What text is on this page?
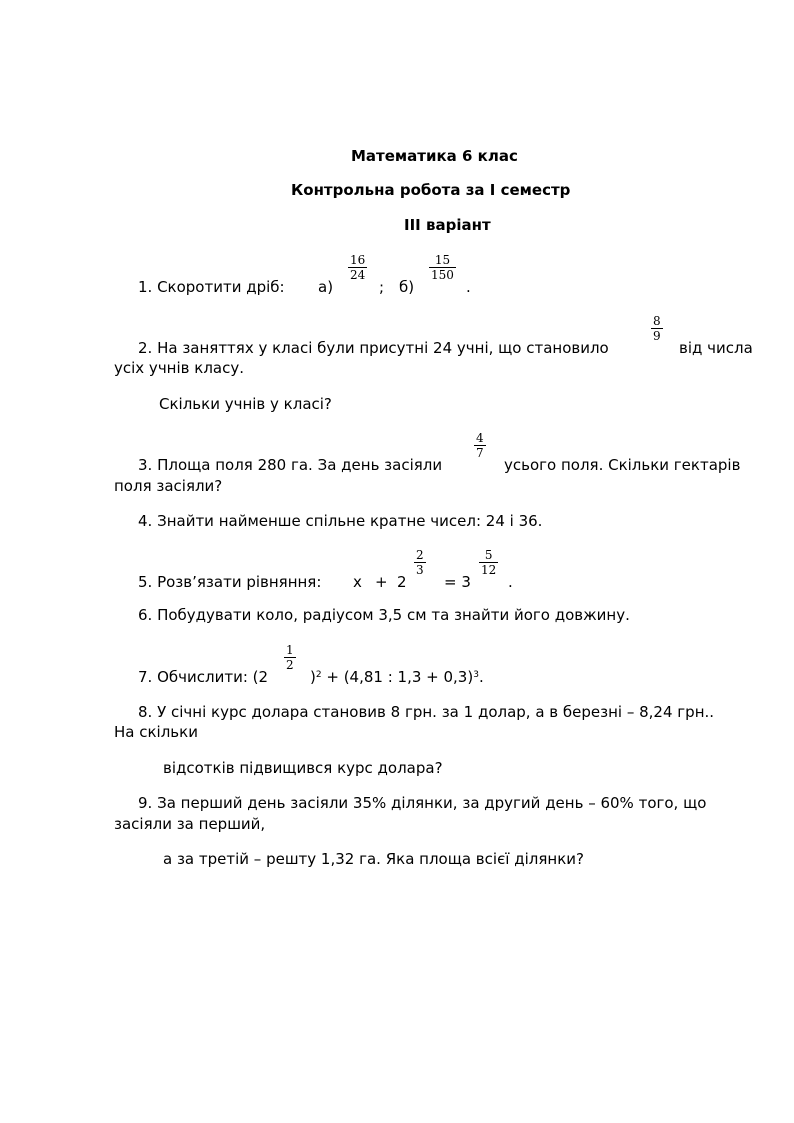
Математика 6 клас
Контрольна робота за І семестр
ІІІ варіант
1. Скоротити дріб: а)
$\frac{16}{24}$
; б)
$\frac{15}{150}$
.
2. На заняттях у класі були присутні 24 учні, що становило
$\frac{8}{9}$
від числа
усіх учнів класу.
Скільки учнів у класі?
3. Площа поля 280 га. За день засіяли
$\frac{4}{7}$
усього поля. Скільки гектарів
поля засіяли?
4. Знайти найменше спільне кратне чисел: 24 і 36.
5. Розв’язати рівняння: x + 2
$\frac{2}{3}$
= 3
$\frac{5}{12}$
.
6. Побудувати коло, радіусом 3,5 см та знайти його довжину.
7. Обчислити: (2
$\frac{1}{2}$
)$^2$ + (4,81 : 1,3 + 0,3)$^3$.
8. У січні курс долара становив 8 грн. за 1 долар, а в березні – 8,24 грн..
На скільки
відсотків підвищився курс долара?
9. За перший день засіяли 35% ділянки, за другий день – 60% того, що
засіяли за перший,
а за третій – решту 1,32 га. Яка площа всієї ділянки?
